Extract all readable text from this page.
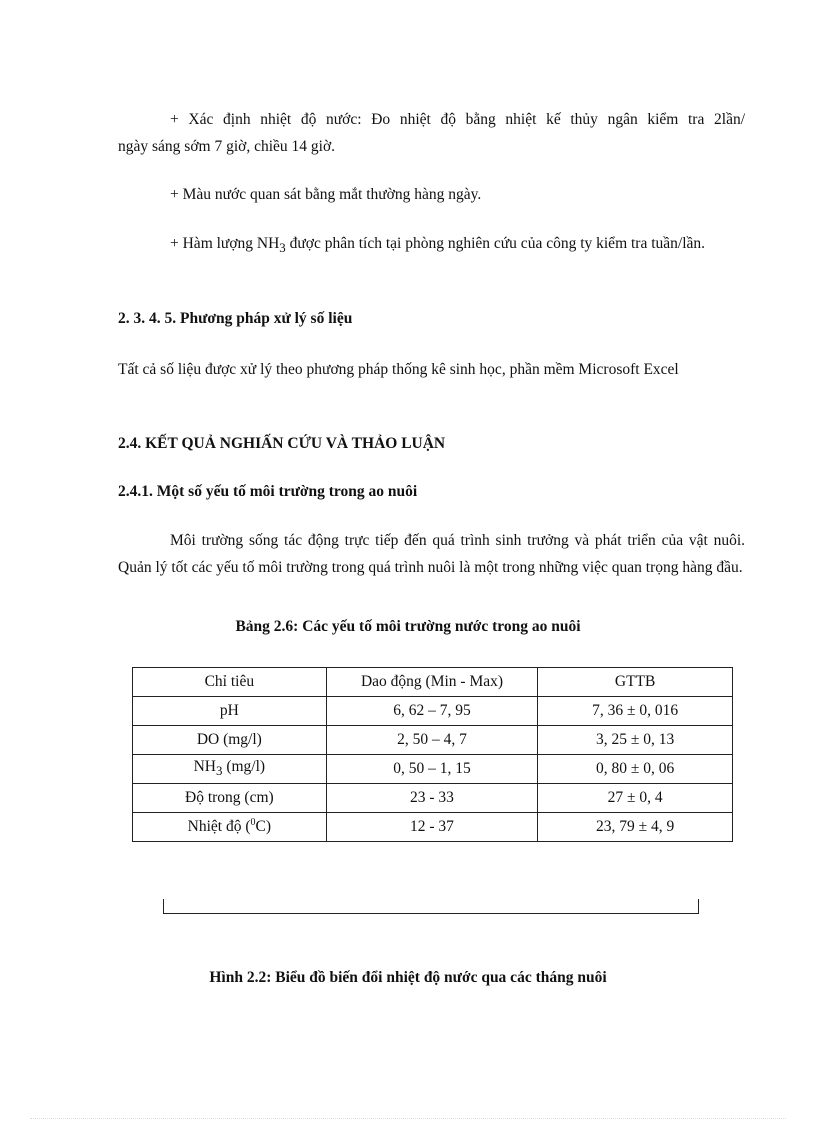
+ Xác định nhiệt độ nước: Đo nhiệt độ bằng nhiệt kế thủy ngân kiểm tra 2lần/
ngày sáng sớm 7 giờ, chiều 14 giờ.
+ Màu nước quan sát bằng mắt thường hàng ngày.
+ Hàm lượng $NH_3$ được phân tích tại phòng nghiên cứu của công ty kiểm tra tuần/lần.
2. 3. 4. 5. Phương pháp xử lý số liệu
Tất cả số liệu được xử lý theo phương pháp thống kê sinh học, phần mềm Microsoft Excel
2.4. KẾT QUẢ NGHIẤN CỨU VÀ THẢO LUẬN
2.4.1. Một số yếu tố môi trường trong ao nuôi
Môi trường sống tác động trực tiếp đến quá trình sinh trưởng và phát triển của vật nuôi. Quản lý tốt các yếu tố môi trường trong quá trình nuôi là một trong những việc quan trọng hàng đầu.
Bảng 2.6: Các yếu tố môi trường nước trong ao nuôi
Chỉ tiêu	Dao động (Min - Max)	GTTB
pH	6, 62 – 7, 95	7, 36 ± 0, 016
DO (mg/l)	2, 50 – 4, 7	3, 25 ± 0, 13
$NH_3$ (mg/l)	0, 50 – 1, 15	0, 80 ± 0, 06
Độ trong (cm)	23 - 33	27 ± 0, 4
Nhiệt độ ($^0$C)	12 - 37	23, 79 ± 4, 9
Hình 2.2: Biểu đồ biến đổi nhiệt độ nước qua các tháng nuôi
